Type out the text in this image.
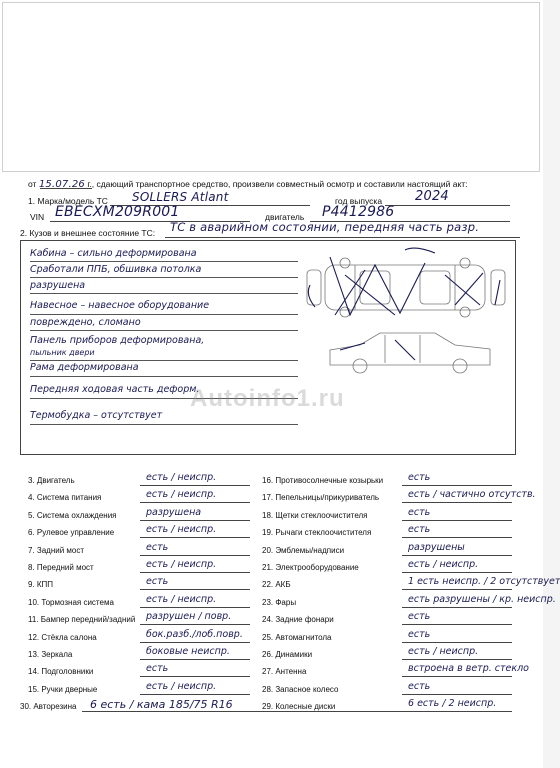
от 15.07.26 г., сдающий транспортное средство, произвели совместный осмотр и составили настоящий акт:
1. Марка/модель ТС SOLLERS Atlant	год выпуска	2024
VIN EBECXM209R001	двигатель P4412986
2. Кузов и внешнее состояние ТС: ТС в аварийном состоянии, передняя часть разр.
Кабина – сильно деформирована
Сработали ППБ, обшивка потолка
разрушена
Навесное – навесное оборудование
повреждено, сломано
Панель приборов деформирована,
пыльник двери
Рама деформирована
Передняя ходовая часть деформ.
Термобудка – отсутствует
Autoinfo1.ru
3. Двигатель	есть / неиспр.
4. Система питания	есть / неиспр.
5. Система охлаждения	разрушена
6. Рулевое управление	есть / неиспр.
7. Задний мост	есть
8. Передний мост	есть / неиспр.
9. КПП	есть
10. Тормозная система	есть / неиспр.
11. Бампер передний/задний разрушен / повр.
12. Стёкла салона	бок.разб./лоб.повр.
13. Зеркала	боковые неиспр.
14. Подголовники	есть
15. Ручки дверные	есть / неиспр.
16. Противосолнечные козырьки	есть
17. Пепельницы/прикуриватель	есть / частично отсутств.
18. Щетки стеклоочистителя	есть
19. Рычаги стеклоочистителя	есть
20. Эмблемы/надписи	разрушены
21. Электрооборудование	есть / неиспр.
22. АКБ	1 есть неиспр. / 2 отсутствует
23. Фары	есть разрушены / кр. неиспр.
24. Задние фонари	есть
25. Автомагнитола	есть
26. Динамики	есть / неиспр.
27. Антенна	встроена в ветр. стекло
28. Запасное колесо	есть
29. Колесные диски	6 есть / 2 неиспр.
30. Авторезина 6 есть / камa 185/75 R16
